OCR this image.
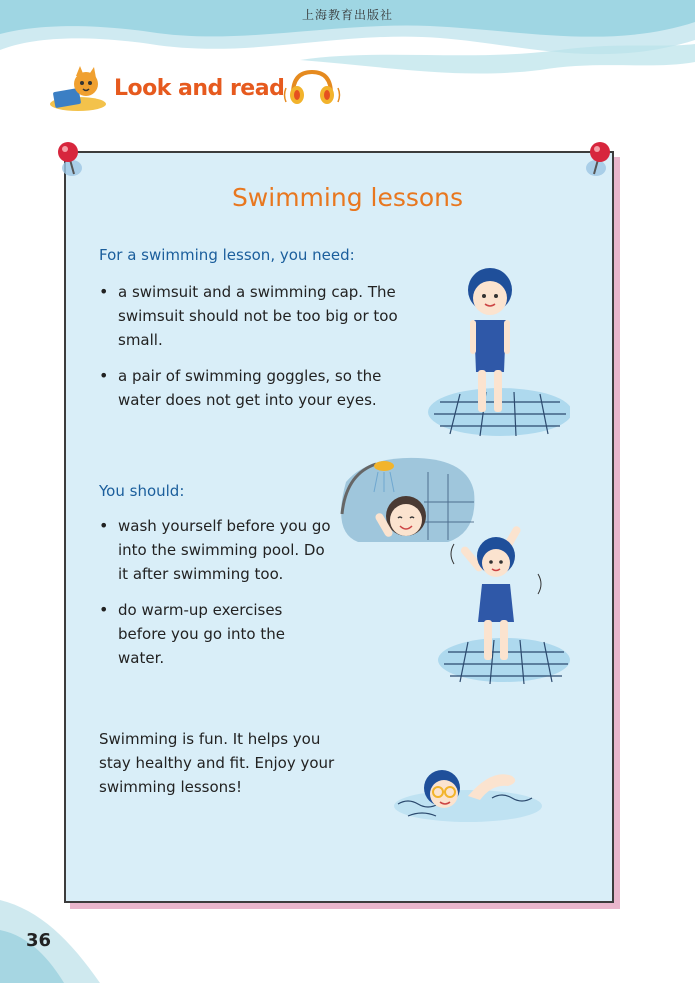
上海教育出版社
Look and read
Swimming lessons
For a swimming lesson, you need:
• a swimsuit and a swimming cap. The swimsuit should not be too big or too small.
• a pair of swimming goggles, so the water does not get into your eyes.
You should:
• wash yourself before you go into the swimming pool. Do it after swimming too.
• do warm-up exercises before you go into the water.
Swimming is fun. It helps you stay healthy and fit. Enjoy your swimming lessons!
36
